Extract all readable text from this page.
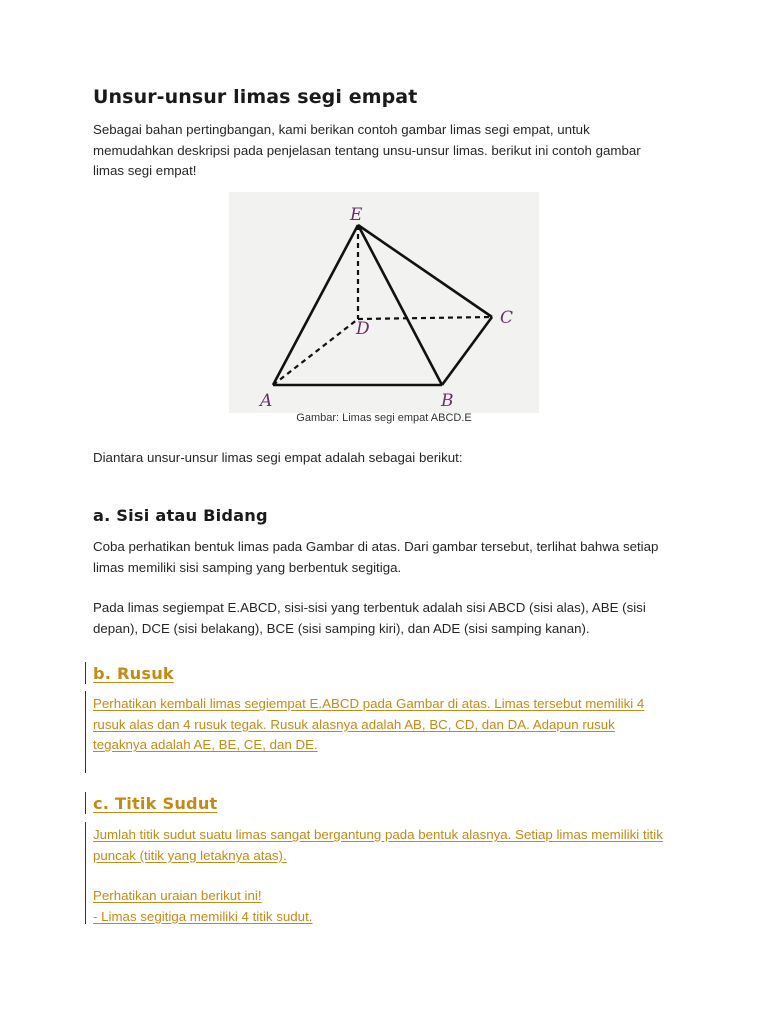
Unsur-unsur limas segi empat
Sebagai bahan pertingbangan, kami berikan contoh gambar limas segi empat, untuk
memudahkan deskripsi pada penjelasan tentang unsu-unsur limas. berikut ini contoh gambar
limas segi empat!
E
D
C
A	B

Gambar: Limas segi empat ABCD.E

Diantara unsur-unsur limas segi empat adalah sebagai berikut:
a. Sisi atau Bidang
Coba perhatikan bentuk limas pada Gambar di atas. Dari gambar tersebut, terlihat bahwa setiap
limas memiliki sisi samping yang berbentuk segitiga.
Pada limas segiempat E.ABCD, sisi-sisi yang terbentuk adalah sisi ABCD (sisi alas), ABE (sisi
depan), DCE (sisi belakang), BCE (sisi samping kiri), dan ADE (sisi samping kanan).
b. Rusuk
Perhatikan kembali limas segiempat E.ABCD pada Gambar di atas. Limas tersebut memiliki 4
rusuk alas dan 4 rusuk tegak. Rusuk alasnya adalah AB, BC, CD, dan DA. Adapun rusuk
tegaknya adalah AE, BE, CE, dan DE.
c. Titik Sudut
Jumlah titik sudut suatu limas sangat bergantung pada bentuk alasnya. Setiap limas memiliki titik
puncak (titik yang letaknya atas).
Perhatikan uraian berikut ini!
- Limas segitiga memiliki 4 titik sudut.
